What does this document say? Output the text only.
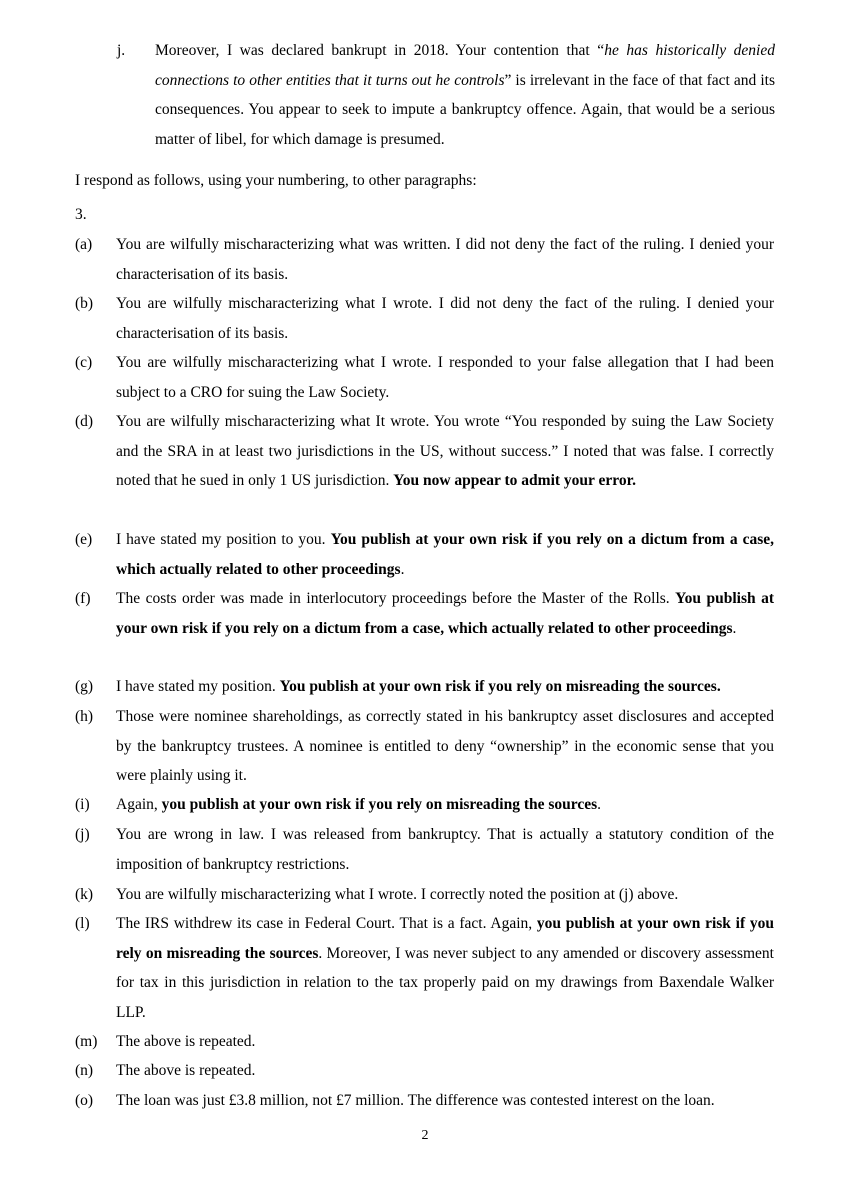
j. Moreover, I was declared bankrupt in 2018. Your contention that “he has historically denied connections to other entities that it turns out he controls” is irrelevant in the face of that fact and its consequences. You appear to seek to impute a bankruptcy offence. Again, that would be a serious matter of libel, for which damage is presumed.
I respond as follows, using your numbering, to other paragraphs:
3.
(a) You are wilfully mischaracterizing what was written. I did not deny the fact of the ruling. I denied your characterisation of its basis.
(b) You are wilfully mischaracterizing what I wrote. I did not deny the fact of the ruling. I denied your characterisation of its basis.
(c) You are wilfully mischaracterizing what I wrote. I responded to your false allegation that I had been subject to a CRO for suing the Law Society.
(d) You are wilfully mischaracterizing what It wrote. You wrote “You responded by suing the Law Society and the SRA in at least two jurisdictions in the US, without success.” I noted that was false. I correctly noted that he sued in only 1 US jurisdiction. You now appear to admit your error.
(e) I have stated my position to you. You publish at your own risk if you rely on a dictum from a case, which actually related to other proceedings.
(f) The costs order was made in interlocutory proceedings before the Master of the Rolls. You publish at your own risk if you rely on a dictum from a case, which actually related to other proceedings.
(g) I have stated my position. You publish at your own risk if you rely on misreading the sources.
(h) Those were nominee shareholdings, as correctly stated in his bankruptcy asset disclosures and accepted by the bankruptcy trustees. A nominee is entitled to deny “ownership” in the economic sense that you were plainly using it.
(i) Again, you publish at your own risk if you rely on misreading the sources.
(j) You are wrong in law. I was released from bankruptcy. That is actually a statutory condition of the imposition of bankruptcy restrictions.
(k) You are wilfully mischaracterizing what I wrote. I correctly noted the position at (j) above.
(l) The IRS withdrew its case in Federal Court. That is a fact. Again, you publish at your own risk if you rely on misreading the sources. Moreover, I was never subject to any amended or discovery assessment for tax in this jurisdiction in relation to the tax properly paid on my drawings from Baxendale Walker LLP.
(m) The above is repeated.
(n) The above is repeated.
(o) The loan was just £3.8 million, not £7 million. The difference was contested interest on the loan.
2
